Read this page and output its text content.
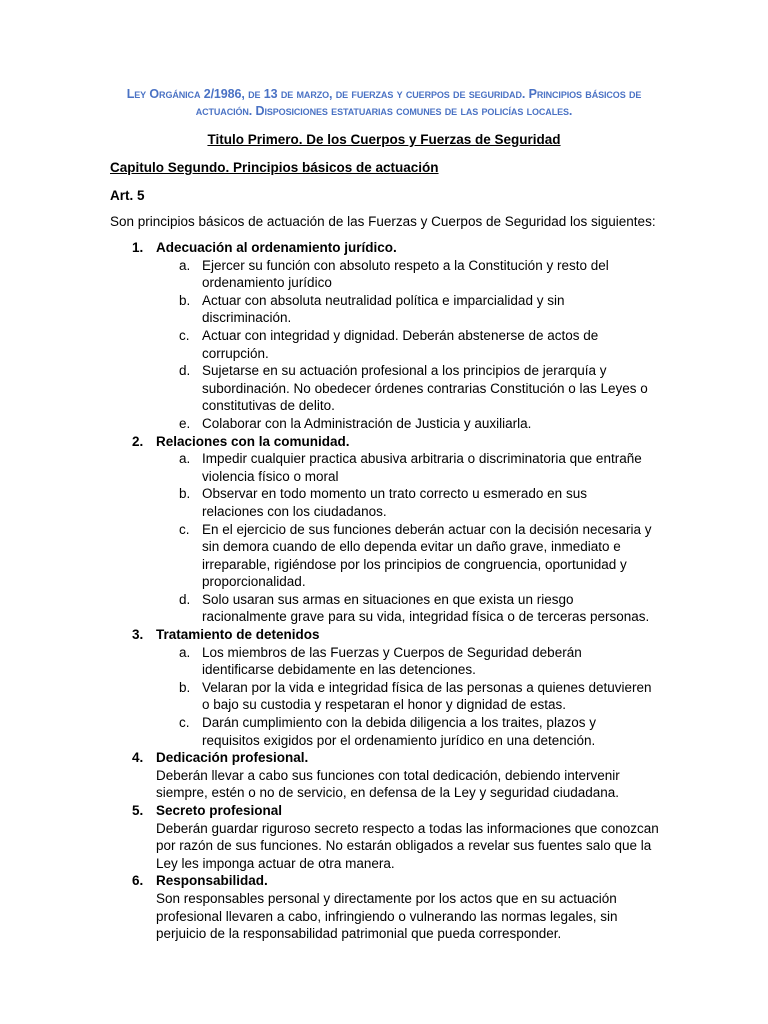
Ley Orgánica 2/1986, de 13 de marzo, de fuerzas y cuerpos de seguridad. Principios básicos de actuación. Disposiciones estatuarias comunes de las policías locales.
Titulo Primero. De los Cuerpos y Fuerzas de Seguridad
Capitulo Segundo. Principios básicos de actuación
Art. 5
Son principios básicos de actuación de las Fuerzas y Cuerpos de Seguridad los siguientes:
1. Adecuación al ordenamiento jurídico.
a. Ejercer su función con absoluto respeto a la Constitución y resto del ordenamiento jurídico
b. Actuar con absoluta neutralidad política e imparcialidad y sin discriminación.
c. Actuar con integridad y dignidad. Deberán abstenerse de actos de corrupción.
d. Sujetarse en su actuación profesional a los principios de jerarquía y subordinación. No obedecer órdenes contrarias Constitución o las Leyes o constitutivas de delito.
e. Colaborar con la Administración de Justicia y auxiliarla.
2. Relaciones con la comunidad.
a. Impedir cualquier practica abusiva arbitraria o discriminatoria que entrañe violencia físico o moral
b. Observar en todo momento un trato correcto u esmerado en sus relaciones con los ciudadanos.
c. En el ejercicio de sus funciones deberán actuar con la decisión necesaria y sin demora cuando de ello dependa evitar un daño grave, inmediato e irreparable, rigiéndose por los principios de congruencia, oportunidad y proporcionalidad.
d. Solo usaran sus armas en situaciones en que exista un riesgo racionalmente grave para su vida, integridad física o de terceras personas.
3. Tratamiento de detenidos
a. Los miembros de las Fuerzas y Cuerpos de Seguridad deberán identificarse debidamente en las detenciones.
b. Velaran por la vida e integridad física de las personas a quienes detuvieren o bajo su custodia y respetaran el honor y dignidad de estas.
c. Darán cumplimiento con la debida diligencia a los traites, plazos y requisitos exigidos por el ordenamiento jurídico en una detención.
4. Dedicación profesional.
Deberán llevar a cabo sus funciones con total dedicación, debiendo intervenir siempre, estén o no de servicio, en defensa de la Ley y seguridad ciudadana.
5. Secreto profesional
Deberán guardar riguroso secreto respecto a todas las informaciones que conozcan por razón de sus funciones. No estarán obligados a revelar sus fuentes salo que la Ley les imponga actuar de otra manera.
6. Responsabilidad.
Son responsables personal y directamente por los actos que en su actuación profesional llevaren a cabo, infringiendo o vulnerando las normas legales, sin perjuicio de la responsabilidad patrimonial que pueda corresponder.
